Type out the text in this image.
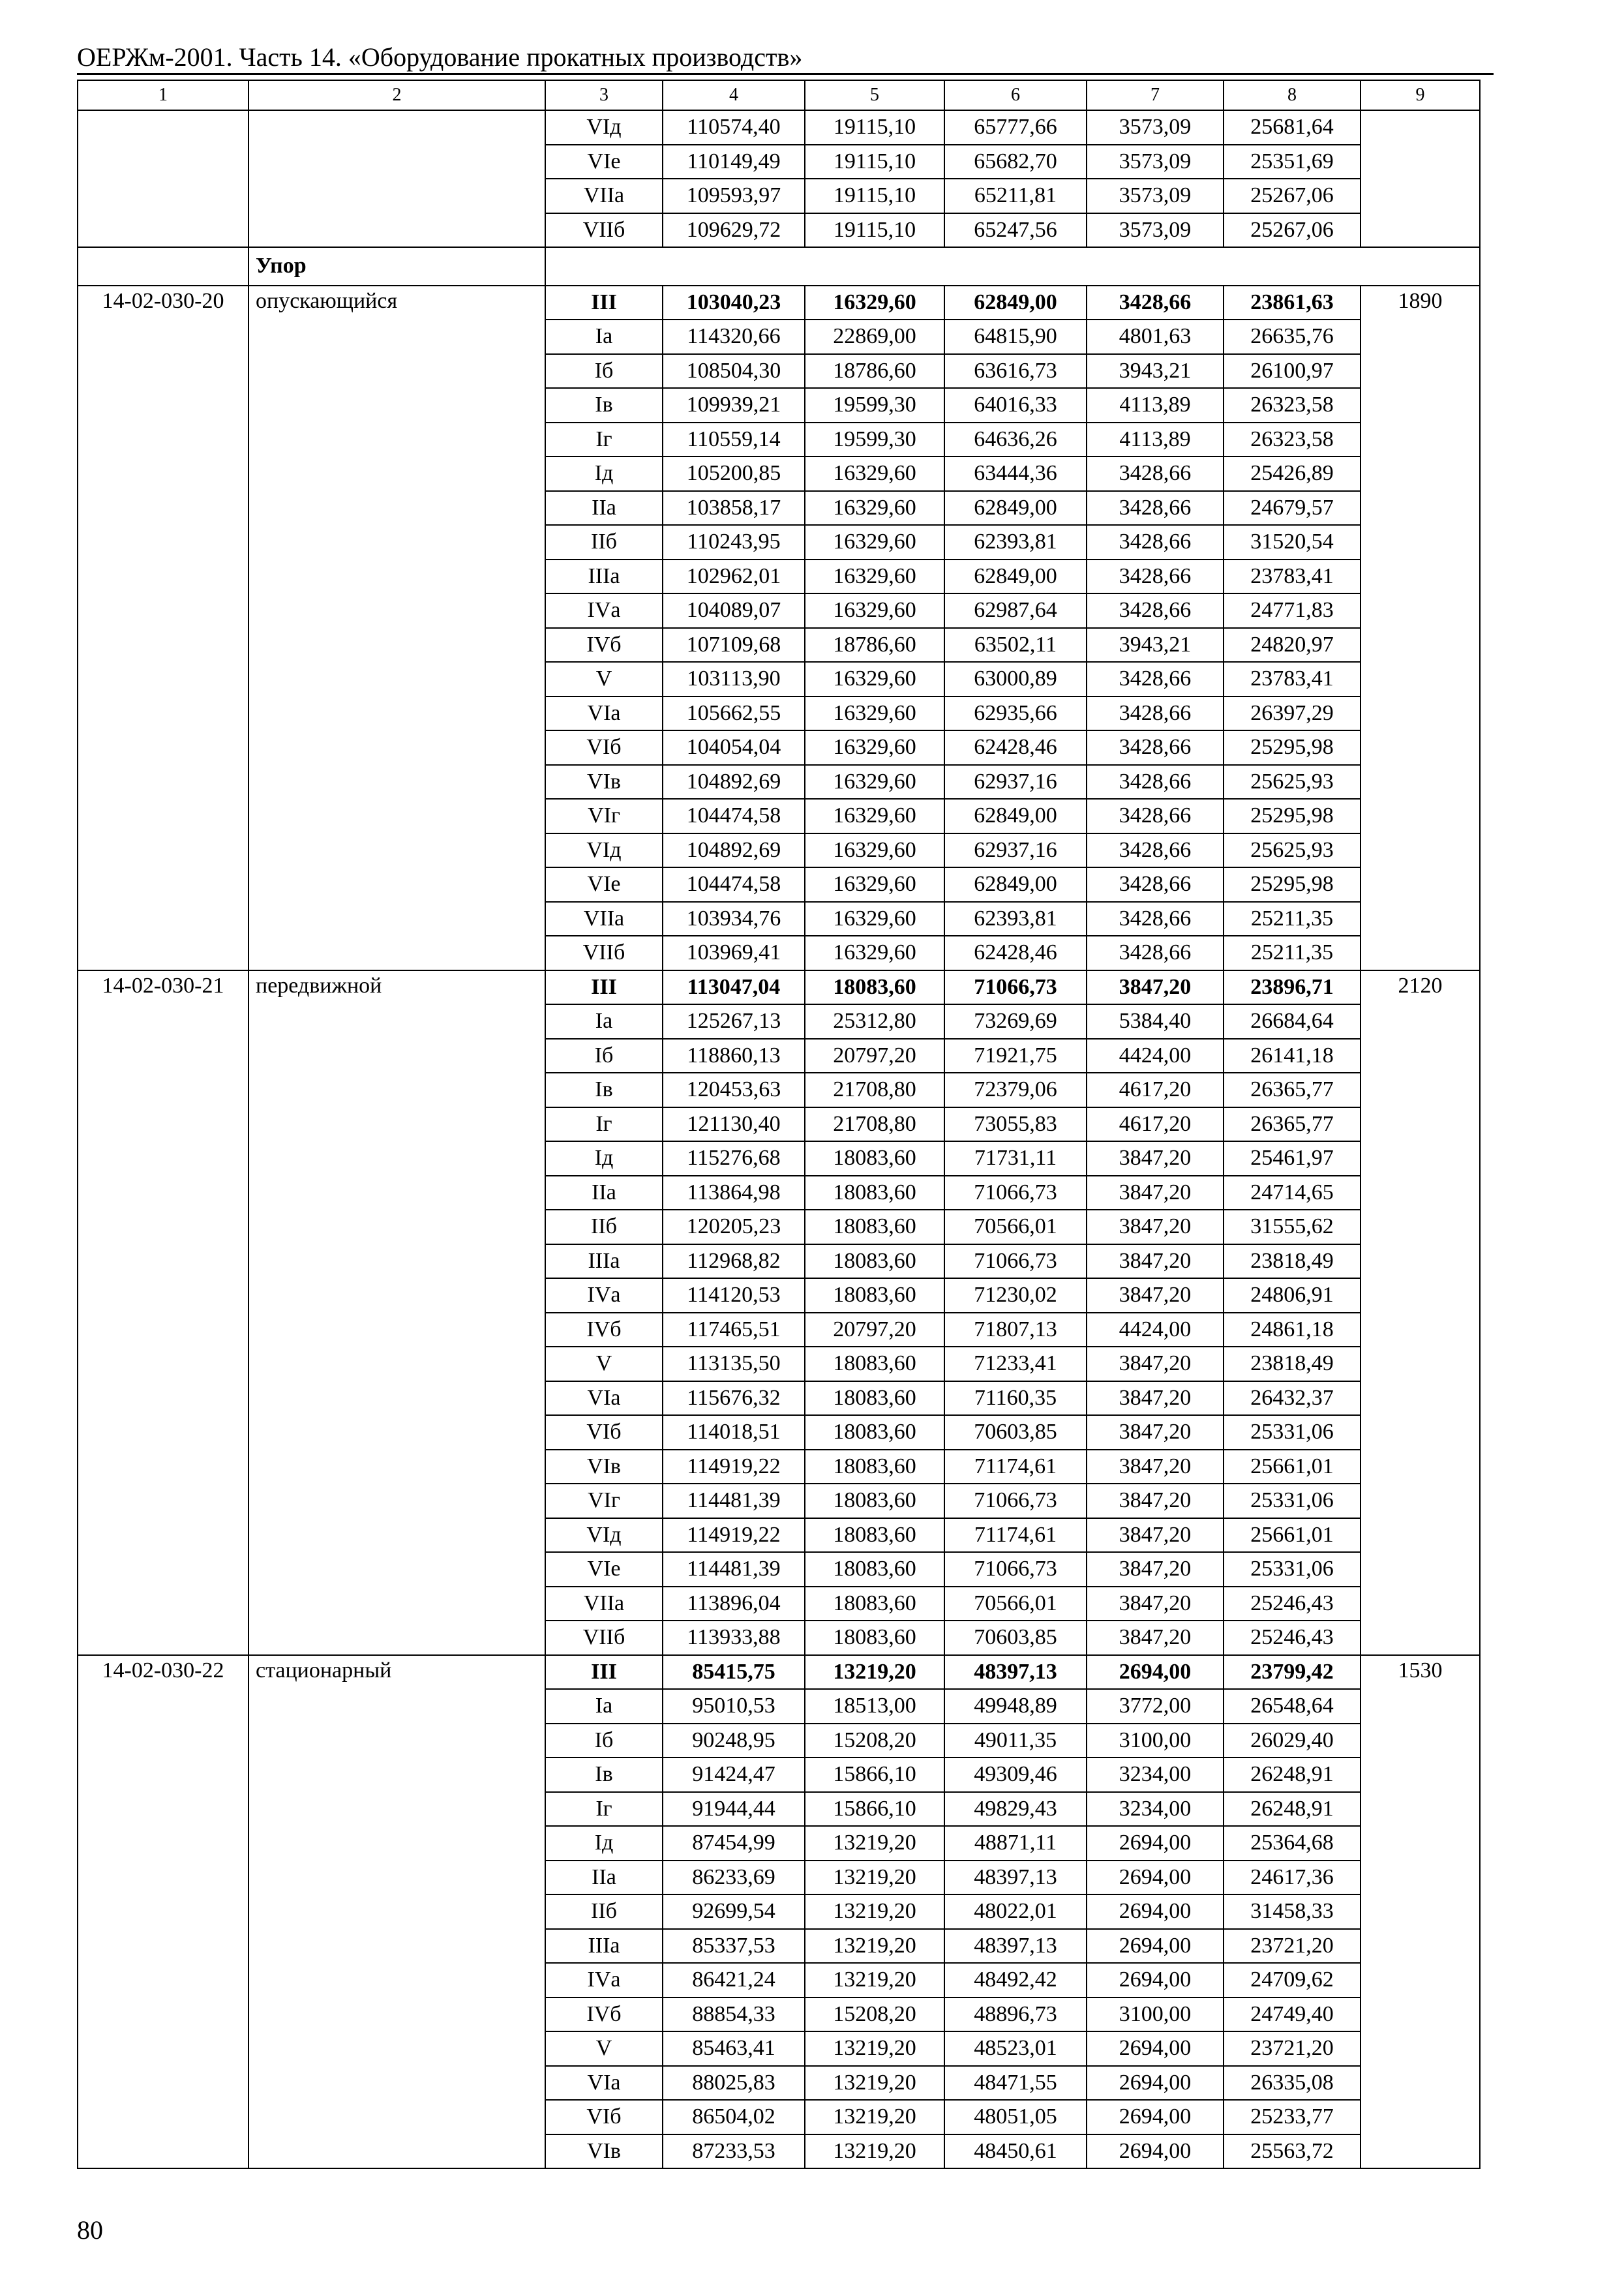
ОЕРЖм-2001. Часть 14. «Оборудование прокатных производств»
1	2	3	4	5	6	7	8	9
		VIд	110574,40	19115,10	65777,66	3573,09	25681,64	
		VIе	110149,49	19115,10	65682,70	3573,09	25351,69	
		VIIа	109593,97	19115,10	65211,81	3573,09	25267,06	
		VIIб	109629,72	19115,10	65247,56	3573,09	25267,06	
	Упор							
14-02-030-20	опускающийся	III	103040,23	16329,60	62849,00	3428,66	23861,63	1890
		Iа	114320,66	22869,00	64815,90	4801,63	26635,76	
		Iб	108504,30	18786,60	63616,73	3943,21	26100,97	
		Iв	109939,21	19599,30	64016,33	4113,89	26323,58	
		Iг	110559,14	19599,30	64636,26	4113,89	26323,58	
		Iд	105200,85	16329,60	63444,36	3428,66	25426,89	
		IIа	103858,17	16329,60	62849,00	3428,66	24679,57	
		IIб	110243,95	16329,60	62393,81	3428,66	31520,54	
		IIIа	102962,01	16329,60	62849,00	3428,66	23783,41	
		IVа	104089,07	16329,60	62987,64	3428,66	24771,83	
		IVб	107109,68	18786,60	63502,11	3943,21	24820,97	
		V	103113,90	16329,60	63000,89	3428,66	23783,41	
		VIа	105662,55	16329,60	62935,66	3428,66	26397,29	
		VIб	104054,04	16329,60	62428,46	3428,66	25295,98	
		VIв	104892,69	16329,60	62937,16	3428,66	25625,93	
		VIг	104474,58	16329,60	62849,00	3428,66	25295,98	
		VIд	104892,69	16329,60	62937,16	3428,66	25625,93	
		VIе	104474,58	16329,60	62849,00	3428,66	25295,98	
		VIIа	103934,76	16329,60	62393,81	3428,66	25211,35	
		VIIб	103969,41	16329,60	62428,46	3428,66	25211,35	
14-02-030-21	передвижной	III	113047,04	18083,60	71066,73	3847,20	23896,71	2120
		Iа	125267,13	25312,80	73269,69	5384,40	26684,64	
		Iб	118860,13	20797,20	71921,75	4424,00	26141,18	
		Iв	120453,63	21708,80	72379,06	4617,20	26365,77	
		Iг	121130,40	21708,80	73055,83	4617,20	26365,77	
		Iд	115276,68	18083,60	71731,11	3847,20	25461,97	
		IIа	113864,98	18083,60	71066,73	3847,20	24714,65	
		IIб	120205,23	18083,60	70566,01	3847,20	31555,62	
		IIIа	112968,82	18083,60	71066,73	3847,20	23818,49	
		IVа	114120,53	18083,60	71230,02	3847,20	24806,91	
		IVб	117465,51	20797,20	71807,13	4424,00	24861,18	
		V	113135,50	18083,60	71233,41	3847,20	23818,49	
		VIа	115676,32	18083,60	71160,35	3847,20	26432,37	
		VIб	114018,51	18083,60	70603,85	3847,20	25331,06	
		VIв	114919,22	18083,60	71174,61	3847,20	25661,01	
		VIг	114481,39	18083,60	71066,73	3847,20	25331,06	
		VIд	114919,22	18083,60	71174,61	3847,20	25661,01	
		VIе	114481,39	18083,60	71066,73	3847,20	25331,06	
		VIIа	113896,04	18083,60	70566,01	3847,20	25246,43	
		VIIб	113933,88	18083,60	70603,85	3847,20	25246,43	
14-02-030-22	стационарный	III	85415,75	13219,20	48397,13	2694,00	23799,42	1530
		Iа	95010,53	18513,00	49948,89	3772,00	26548,64	
		Iб	90248,95	15208,20	49011,35	3100,00	26029,40	
		Iв	91424,47	15866,10	49309,46	3234,00	26248,91	
		Iг	91944,44	15866,10	49829,43	3234,00	26248,91	
		Iд	87454,99	13219,20	48871,11	2694,00	25364,68	
		IIа	86233,69	13219,20	48397,13	2694,00	24617,36	
		IIб	92699,54	13219,20	48022,01	2694,00	31458,33	
		IIIа	85337,53	13219,20	48397,13	2694,00	23721,20	
		IVа	86421,24	13219,20	48492,42	2694,00	24709,62	
		IVб	88854,33	15208,20	48896,73	3100,00	24749,40	
		V	85463,41	13219,20	48523,01	2694,00	23721,20	
		VIа	88025,83	13219,20	48471,55	2694,00	26335,08	
		VIб	86504,02	13219,20	48051,05	2694,00	25233,77	
		VIв	87233,53	13219,20	48450,61	2694,00	25563,72	
80
